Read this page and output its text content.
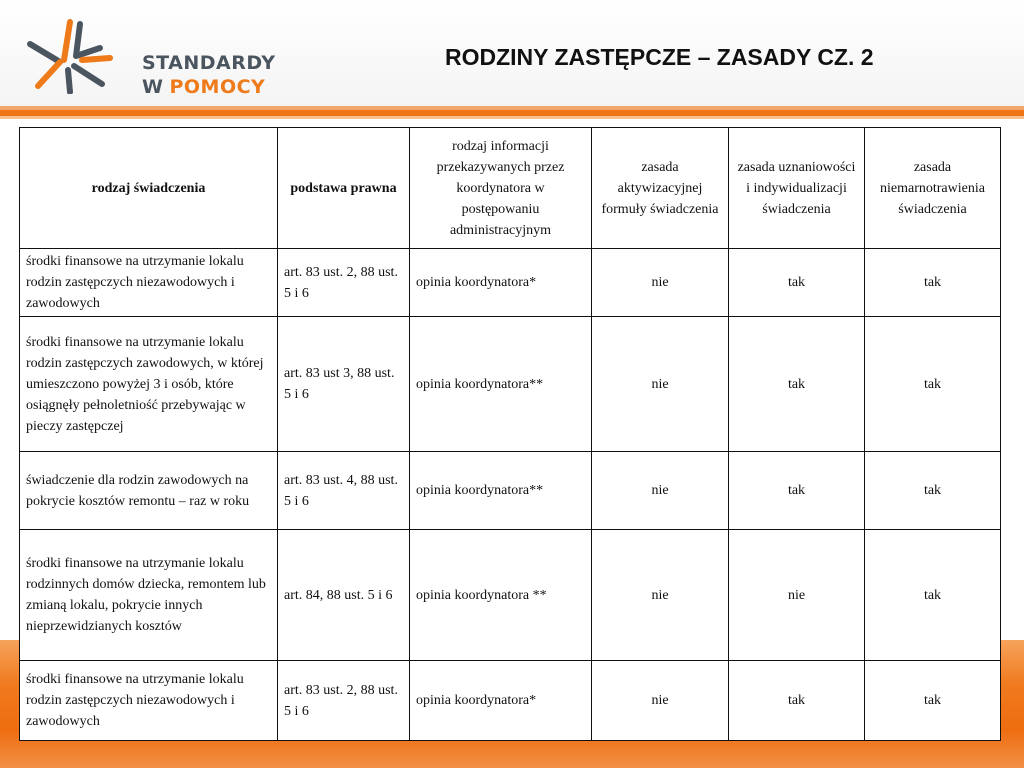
STANDARDY
W POMOCY
RODZINY ZASTĘPCZE – ZASADY CZ. 2
rodzaj świadczenia	podstawa prawna	rodzaj informacji przekazywanych przez koordynatora w postępowaniu administracyjnym	zasada aktywizacyjnej formuły świadczenia	zasada uznaniowości i indywidualizacji świadczenia	zasada niemarnotrawienia świadczenia
środki finansowe na utrzymanie lokalu rodzin zastępczych niezawodowych i zawodowych	art. 83 ust. 2, 88 ust. 5 i 6	opinia koordynatora*	nie	tak	tak
środki finansowe na utrzymanie lokalu rodzin zastępczych zawodowych, w której umieszczono powyżej 3 i osób, które osiągnęły pełnoletniość przebywając w pieczy zastępczej	art. 83 ust 3, 88 ust. 5 i 6	opinia koordynatora**	nie	tak	tak
świadczenie dla rodzin zawodowych na pokrycie kosztów remontu – raz w roku	art. 83 ust. 4, 88 ust. 5 i 6	opinia koordynatora**	nie	tak	tak
środki finansowe na utrzymanie lokalu rodzinnych domów dziecka, remontem lub zmianą lokalu, pokrycie innych nieprzewidzianych kosztów	art. 84, 88 ust. 5 i 6	opinia koordynatora **	nie	nie	tak
środki finansowe na utrzymanie lokalu rodzin zastępczych niezawodowych i zawodowych	art. 83 ust. 2, 88 ust. 5 i 6	opinia koordynatora*	nie	tak	tak
